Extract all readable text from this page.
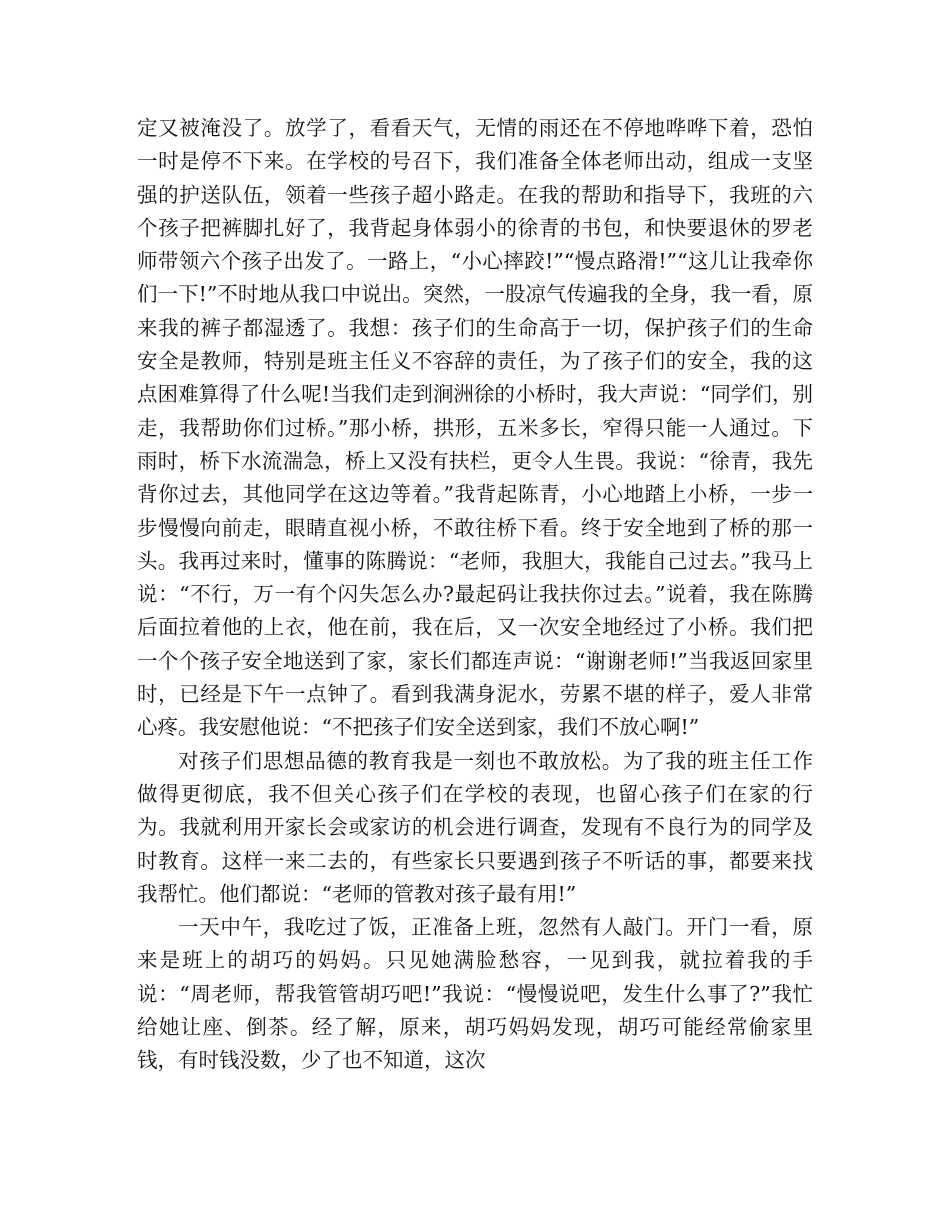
定又被淹没了。放学了，看看天气，无情的雨还在不停地哗哗下着，恐怕一时是停不下来。在学校的号召下，我们准备全体老师出动，组成一支坚强的护送队伍，领着一些孩子超小路走。在我的帮助和指导下，我班的六个孩子把裤脚扎好了，我背起身体弱小的徐青的书包，和快要退休的罗老师带领六个孩子出发了。一路上，“小心摔跤!”“慢点路滑!”“这儿让我牵你们一下!”不时地从我口中说出。突然，一股凉气传遍我的全身，我一看，原来我的裤子都湿透了。我想：孩子们的生命高于一切，保护孩子们的生命安全是教师，特别是班主任义不容辞的责任，为了孩子们的安全，我的这点困难算得了什么呢!当我们走到涧洲徐的小桥时，我大声说：“同学们，别走，我帮助你们过桥。”那小桥，拱形，五米多长，窄得只能一人通过。下雨时，桥下水流湍急，桥上又没有扶栏，更令人生畏。我说：“徐青，我先背你过去，其他同学在这边等着。”我背起陈青，小心地踏上小桥，一步一步慢慢向前走，眼睛直视小桥，不敢往桥下看。终于安全地到了桥的那一头。我再过来时，懂事的陈腾说：“老师，我胆大，我能自己过去。”我马上说：“不行，万一有个闪失怎么办?最起码让我扶你过去。”说着，我在陈腾后面拉着他的上衣，他在前，我在后，又一次安全地经过了小桥。我们把一个个孩子安全地送到了家，家长们都连声说：“谢谢老师!”当我返回家里时，已经是下午一点钟了。看到我满身泥水，劳累不堪的样子，爱人非常心疼。我安慰他说：“不把孩子们安全送到家，我们不放心啊!”

对孩子们思想品德的教育我是一刻也不敢放松。为了我的班主任工作做得更彻底，我不但关心孩子们在学校的表现，也留心孩子们在家的行为。我就利用开家长会或家访的机会进行调查，发现有不良行为的同学及时教育。这样一来二去的，有些家长只要遇到孩子不听话的事，都要来找我帮忙。他们都说：“老师的管教对孩子最有用!”

一天中午，我吃过了饭，正准备上班，忽然有人敲门。开门一看，原来是班上的胡巧的妈妈。只见她满脸愁容，一见到我，就拉着我的手说：“周老师，帮我管管胡巧吧!”我说：“慢慢说吧，发生什么事了?”我忙给她让座、倒茶。经了解，原来，胡巧妈妈发现，胡巧可能经常偷家里钱，有时钱没数，少了也不知道，这次
